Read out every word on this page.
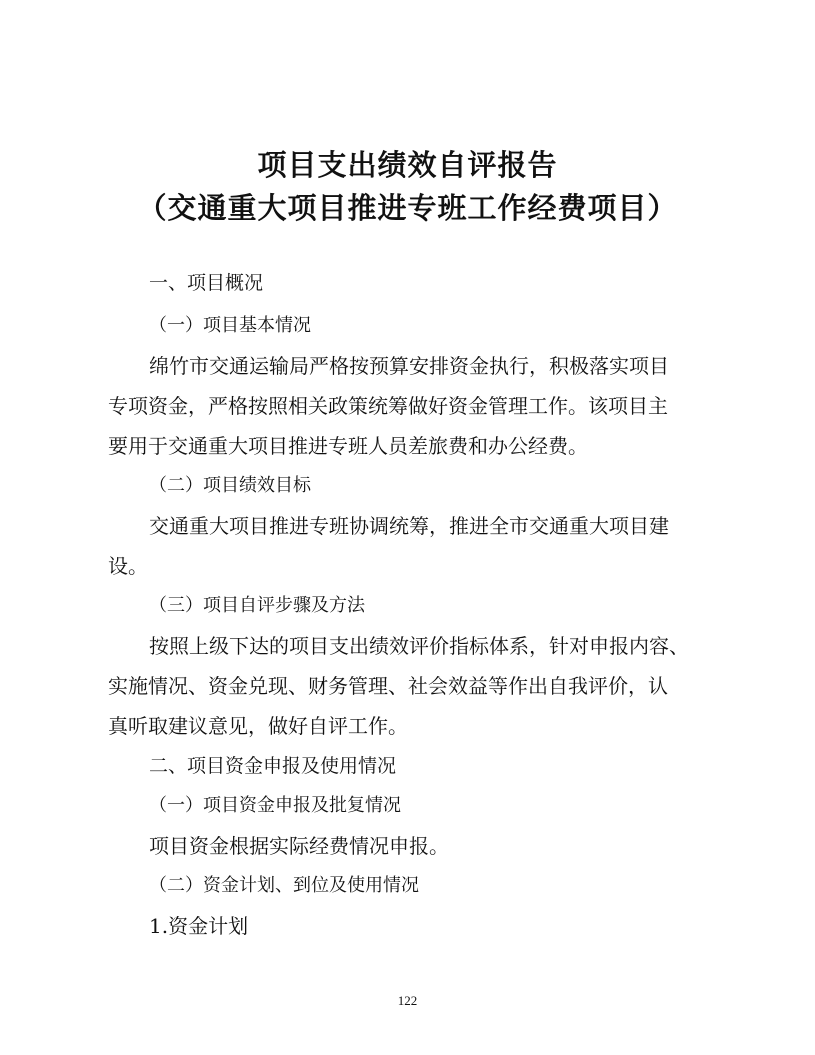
项目支出绩效自评报告
（交通重大项目推进专班工作经费项目）
一、项目概况
（一）项目基本情况
绵竹市交通运输局严格按预算安排资金执行，积极落实项目
专项资金，严格按照相关政策统筹做好资金管理工作。该项目主
要用于交通重大项目推进专班人员差旅费和办公经费。
（二）项目绩效目标
交通重大项目推进专班协调统筹，推进全市交通重大项目建
设。
（三）项目自评步骤及方法
按照上级下达的项目支出绩效评价指标体系，针对申报内容、
实施情况、资金兑现、财务管理、社会效益等作出自我评价，认
真听取建议意见，做好自评工作。
二、项目资金申报及使用情况
（一）项目资金申报及批复情况
项目资金根据实际经费情况申报。
（二）资金计划、到位及使用情况
1.资金计划
122
